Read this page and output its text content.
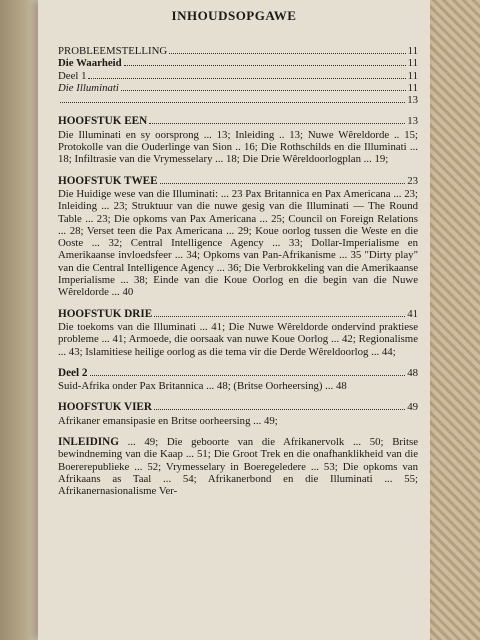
INHOUDSOPGAWE
PROBLEEMSTELLING	11
Die Waarheid	11
Deel 1	11
Die Illuminati	11
13
HOOFSTUK EEN	13
Die Illuminati en sy oorsprong ... 13; Inleiding .. 13; Nuwe Wêreldorde .. 15; Protokolle van die Ouderlinge van Sion .. 16; Die Rothschilds en die Illuminati ... 18; Infiltrasie van die Vrymesselary ... 18; Die Drie Wêreldoorlogplan ... 19;
HOOFSTUK TWEE	23
Die Huidige wese van die Illuminati: ... 23 Pax Britannica en Pax Americana ... 23; Inleiding ... 23; Struktuur van die nuwe gesig van die Illuminati — The Round Table ... 23; Die opkoms van Pax Americana ... 25; Council on Foreign Relations ... 28; Verset teen die Pax Americana ... 29; Koue oorlog tussen die Weste en die Ooste ... 32; Central Intelligence Agency ... 33; Dollar-Imperialisme en Amerikaanse invloedsfeer ... 34; Opkoms van Pan-Afrikanisme ... 35 "Dirty play" van die Central Intelligence Agency ... 36; Die Verbrokkeling van die Amerikaanse Imperialisme ... 38; Einde van die Koue Oorlog en die begin van die Nuwe Wêreldorde ... 40
HOOFSTUK DRIE	41
Die toekoms van die Illuminati ... 41; Die Nuwe Wêreldorde ondervind praktiese probleme ... 41; Armoede, die oorsaak van nuwe Koue Oorlog ... 42; Regionalisme ... 43; Islamitiese heilige oorlog as die tema vir die Derde Wêreldoorlog ... 44;
Deel 2	48
Suid-Afrika onder Pax Britannica ... 48; (Britse Oorheersing) ... 48
HOOFSTUK VIER	49
Afrikaner emansipasie en Britse oorheersing ... 49;
INLEIDING ... 49; Die geboorte van die Afrikanervolk ... 50; Britse bewindneming van die Kaap ... 51; Die Groot Trek en die onafhanklikheid van die Boererepublieke ... 52; Vrymesselary in Boeregeledere ... 53; Die opkoms van Afrikaans as Taal ... 54; Afrikanerbond en die Illuminati ... 55; Afrikanernasionalisme Ver-
